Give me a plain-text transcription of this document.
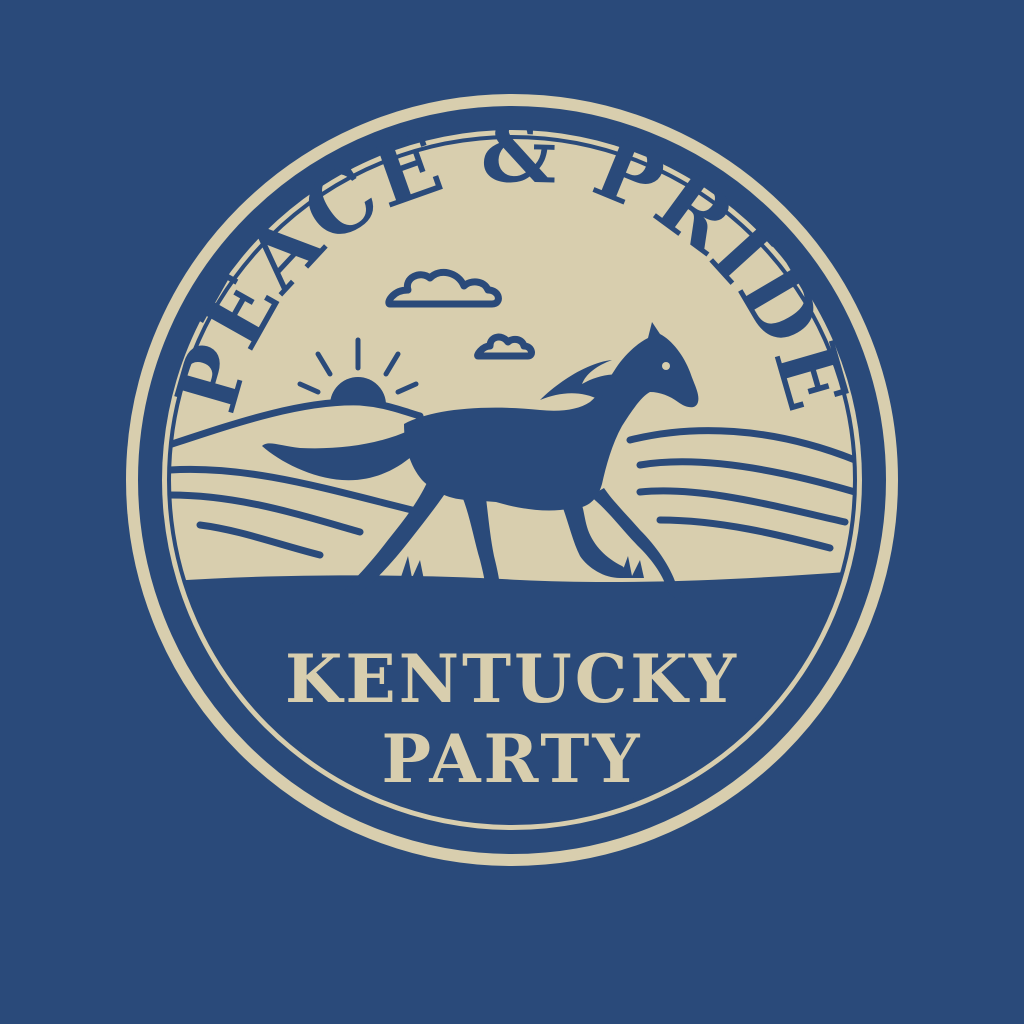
PEACE & PRIDE
KENTUCKY
PARTY
